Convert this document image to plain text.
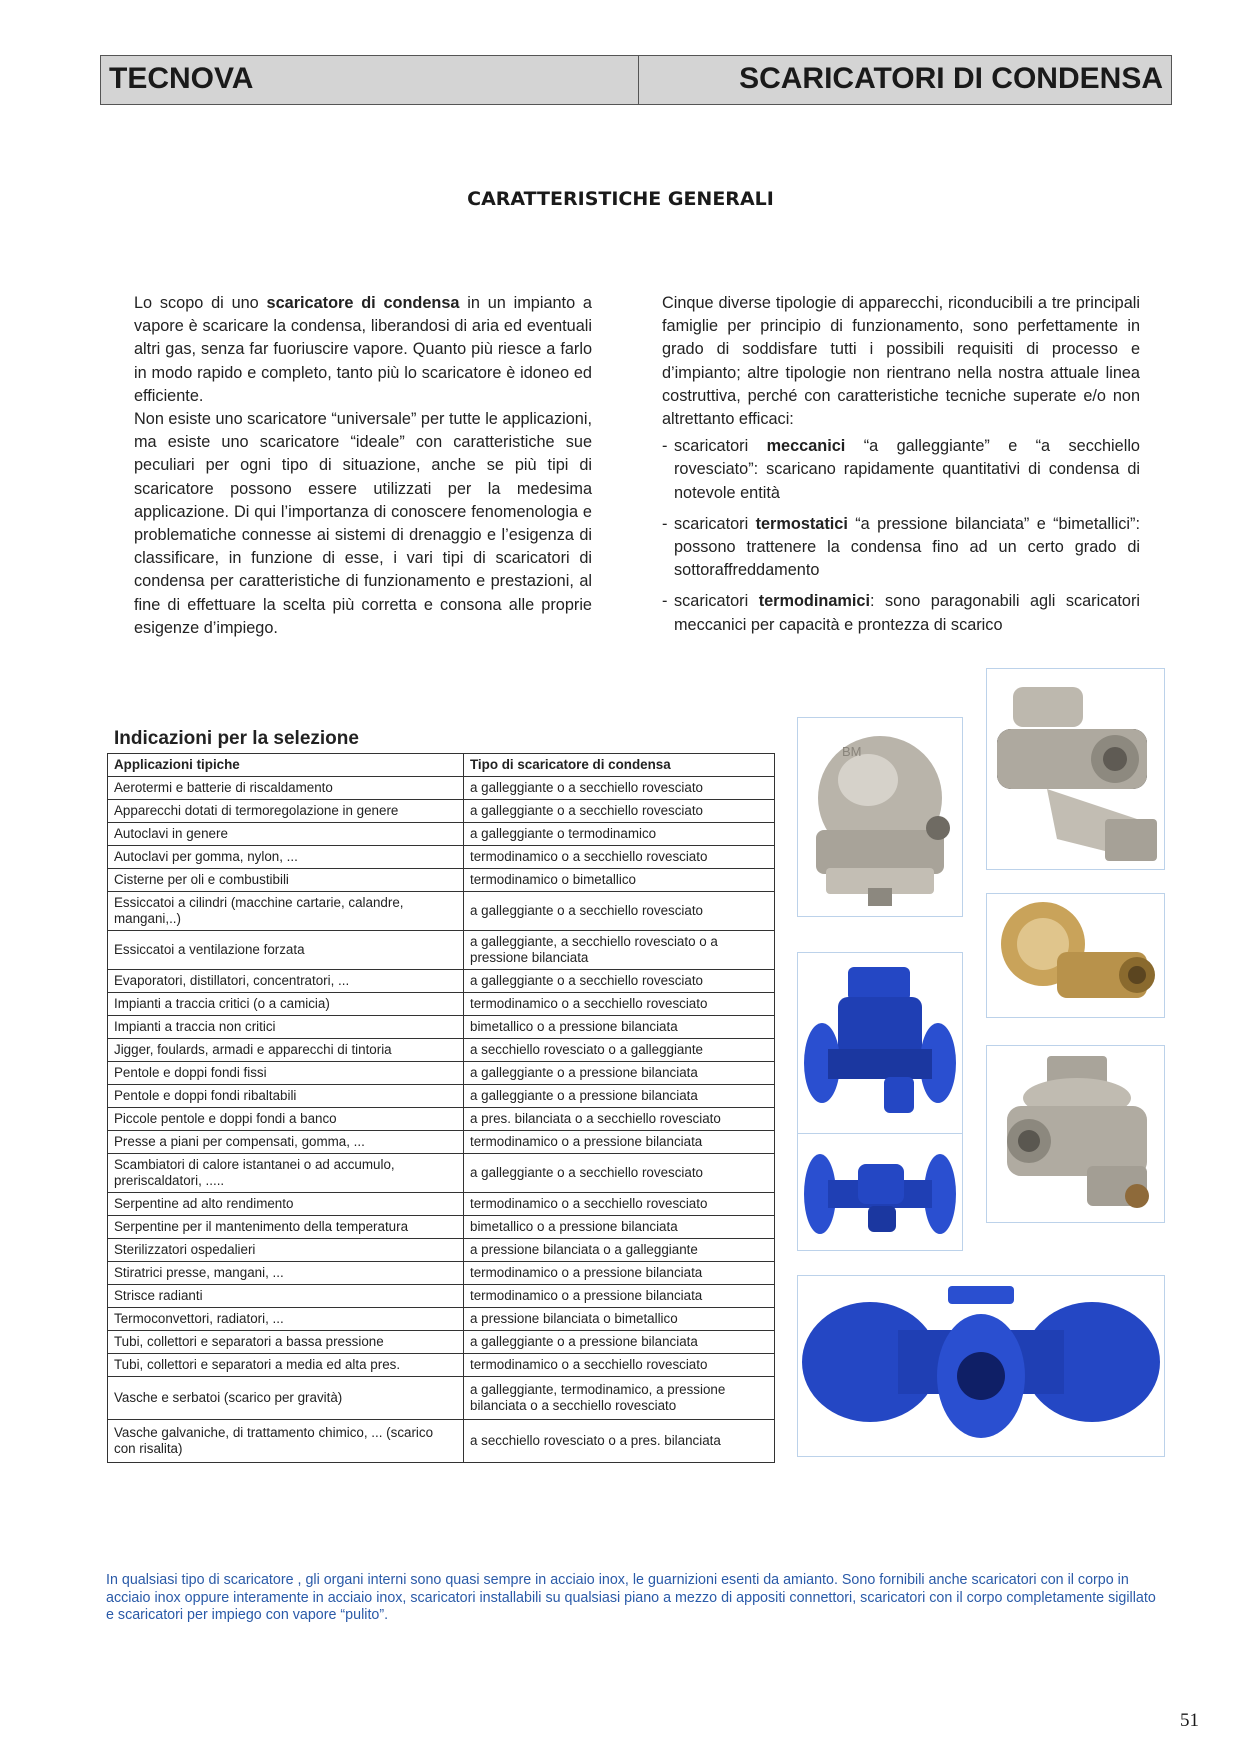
TECNOVA	SCARICATORI DI CONDENSA
CARATTERISTICHE GENERALI

Lo scopo di uno scaricatore di condensa in un impianto a vapore è scaricare la condensa, liberandosi di aria ed eventuali altri gas, senza far fuoriuscire vapore. Quanto più riesce a farlo in modo rapido e completo, tanto più lo scaricatore è idoneo ed efficiente.

Non esiste uno scaricatore “universale” per tutte le applicazioni, ma esiste uno scaricatore “ideale” con caratteristiche sue peculiari per ogni tipo di situazione, anche se più tipi di scaricatore possono essere utilizzati per la medesima applicazione. Di qui l’importanza di conoscere fenomenologia e problematiche connesse ai sistemi di drenaggio e l’esigenza di classificare, in funzione di esse, i vari tipi di scaricatori di condensa per caratteristiche di funzionamento e prestazioni, al fine di effettuare la scelta più corretta e consona alle proprie esigenze d’impiego.

Cinque diverse tipologie di apparecchi, riconducibili a tre principali famiglie per principio di funzionamento, sono perfettamente in grado di soddisfare tutti i possibili requisiti di processo e d’impianto; altre tipologie non rientrano nella nostra attuale linea costruttiva, perché con caratteristiche tecniche superate e/o non altrettanto efficaci:

- scaricatori meccanici “a galleggiante” e “a secchiello rovesciato”: scaricano rapidamente quantitativi di condensa di notevole entità
- scaricatori termostatici “a pressione bilanciata” e “bimetallici”: possono trattenere la condensa fino ad un certo grado di sottoraffreddamento
- scaricatori termodinamici: sono paragonabili agli scaricatori meccanici per capacità e prontezza di scarico
Indicazioni per la selezione
Applicazioni tipiche	Tipo di scaricatore di condensa
Aerotermi e batterie di riscaldamento	a galleggiante o a secchiello rovesciato
Apparecchi dotati di termoregolazione in genere	a galleggiante o a secchiello rovesciato
Autoclavi in genere	a galleggiante o termodinamico
Autoclavi per gomma, nylon, ...	termodinamico o a secchiello rovesciato
Cisterne per oli e combustibili	termodinamico o bimetallico
Essiccatoi a cilindri (macchine cartarie, calandre, mangani,..)	a galleggiante o a secchiello rovesciato
Essiccatoi a ventilazione forzata	a galleggiante, a secchiello rovesciato o a pressione bilanciata
Evaporatori, distillatori, concentratori, ...	a galleggiante o a secchiello rovesciato
Impianti a traccia critici (o a camicia)	termodinamico o a secchiello rovesciato
Impianti a traccia non critici	bimetallico o a pressione bilanciata
Jigger, foulards, armadi e apparecchi di tintoria	a secchiello rovesciato o a galleggiante
Pentole e doppi fondi fissi	a galleggiante o a pressione bilanciata
Pentole e doppi fondi ribaltabili	a galleggiante o a pressione bilanciata
Piccole pentole e doppi fondi a banco	a pres. bilanciata o a secchiello rovesciato
Presse a piani per compensati, gomma, ...	termodinamico o a pressione bilanciata
Scambiatori di calore istantanei o ad accumulo, preriscaldatori, .....	a galleggiante o a secchiello rovesciato
Serpentine ad alto rendimento	termodinamico o a secchiello rovesciato
Serpentine per il mantenimento della temperatura	bimetallico o a pressione bilanciata
Sterilizzatori ospedalieri	a pressione bilanciata o a galleggiante
Stiratrici presse, mangani, ...	termodinamico o a pressione bilanciata
Strisce radianti	termodinamico o a pressione bilanciata
Termoconvettori, radiatori, ...	a pressione bilanciata o bimetallico
Tubi, collettori e separatori a bassa pressione	a galleggiante o a pressione bilanciata
Tubi, collettori e separatori a media ed alta pres.	termodinamico o a secchiello rovesciato
Vasche e serbatoi (scarico per gravità)	a galleggiante, termodinamico, a pressione bilanciata o a secchiello rovesciato
Vasche galvaniche, di trattamento chimico, ... (scarico con risalita)	a secchiello rovesciato o a pres. bilanciata
BM
In qualsiasi tipo di scaricatore , gli organi interni sono quasi sempre in acciaio inox, le guarnizioni esenti da amianto. Sono fornibili anche scaricatori con il corpo in acciaio inox oppure interamente in acciaio inox, scaricatori installabili su qualsiasi piano a mezzo di appositi connettori, scaricatori con il corpo completamente sigillato e scaricatori per impiego con vapore “pulito”.
51
